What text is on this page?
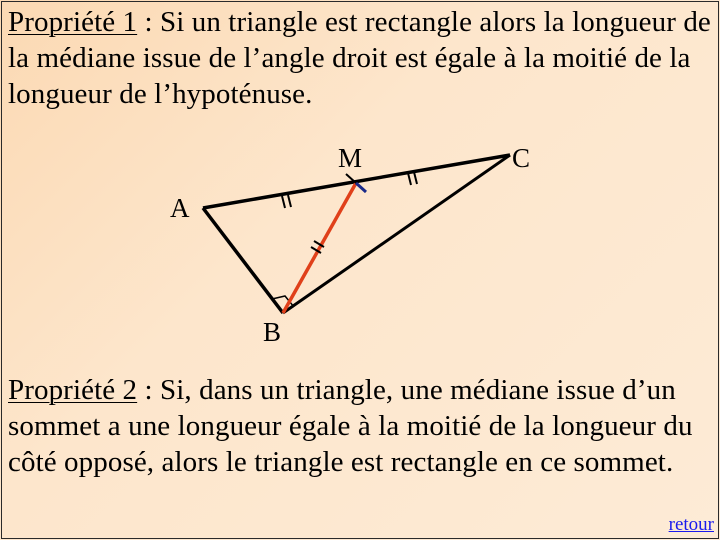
Propriété 1 : Si un triangle est rectangle alors la longueur de la médiane issue de l’angle droit est égale à la moitié de la longueur de l’hypoténuse.

M	C
A
B

Propriété 2 : Si, dans un triangle, une médiane issue d’un sommet a une longueur égale à la moitié de la longueur du côté opposé, alors le triangle est rectangle en ce sommet.

retour
